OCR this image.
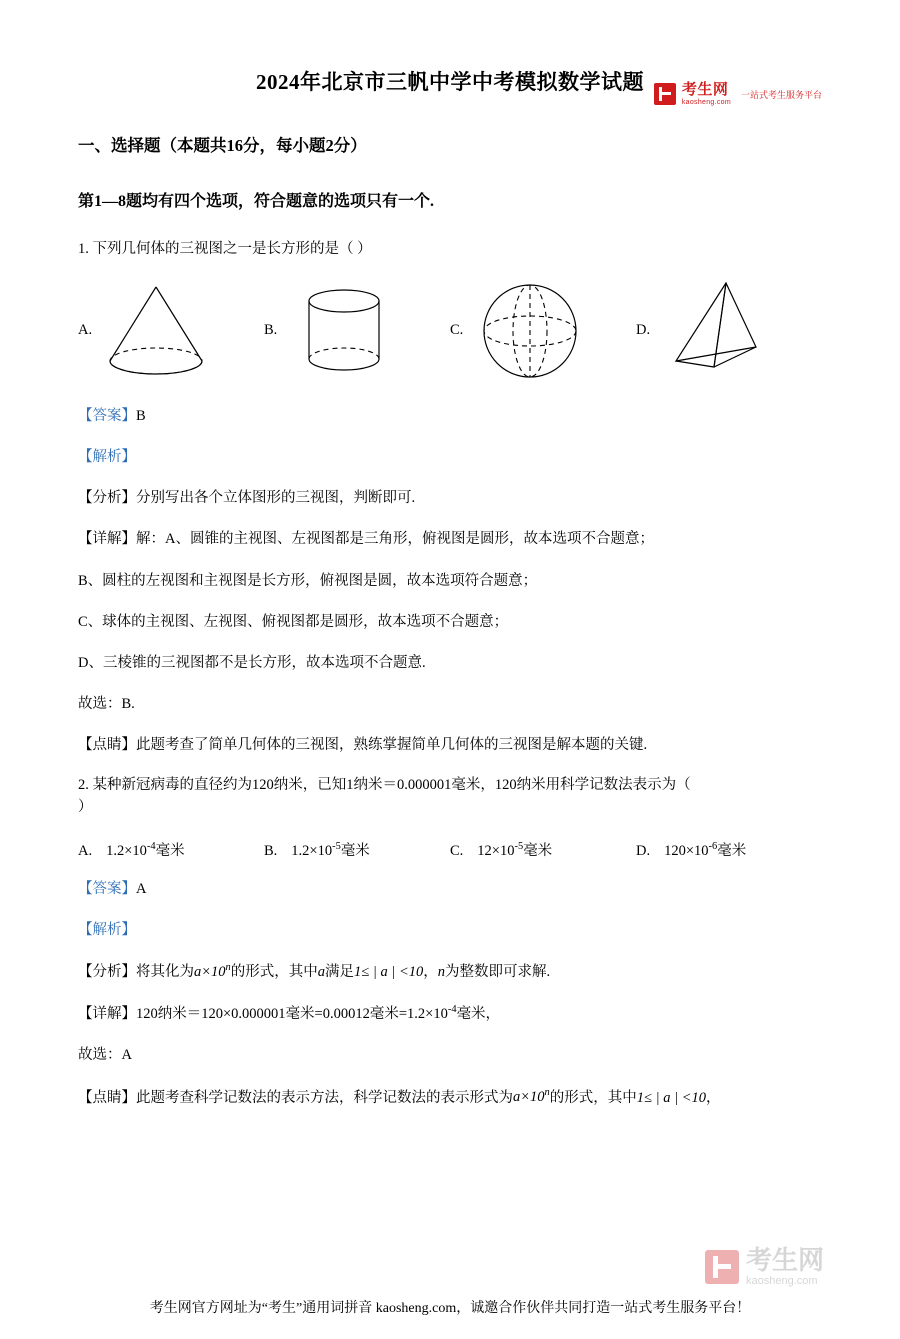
考生网
kaosheng.com
一站式考生服务平台
2024年北京市三帆中学中考模拟数学试题
一、选择题（本题共16分，每小题2分）
第1—8题均有四个选项，符合题意的选项只有一个.
1. 下列几何体的三视图之一是长方形的是（ ）
A.	B.	C.	D.
【答案】B
【解析】
【分析】分别写出各个立体图形的三视图，判断即可.
【详解】解：A、圆锥的主视图、左视图都是三角形，俯视图是圆形，故本选项不合题意；
B、圆柱的左视图和主视图是长方形，俯视图是圆，故本选项符合题意；
C、球体的主视图、左视图、俯视图都是圆形，故本选项不合题意；
D、三棱锥的三视图都不是长方形，故本选项不合题意.
故选：B.
【点睛】此题考查了简单几何体的三视图，熟练掌握简单几何体的三视图是解本题的关键.
2. 某种新冠病毒的直径约为120纳米，已知1纳米＝0.000001毫米，120纳米用科学记数法表示为（
）
A. $1.2\times 10^{-4}$ 毫米	B. $1.2\times 10^{-5}$ 毫米	C. $12\times 10^{-5}$ 毫米	D. $120\times 10^{-6}$ 毫米
【答案】A
【解析】
【分析】将其化为$a\times 10^n$的形式，其中a满足1≤ | a | <10，n为整数即可求解.
【详解】120纳米＝120×0.000001毫米=0.00012毫米$=1.2\times 10^{-4}$毫米，
故选：A
【点睛】此题考查科学记数法的表示方法，科学记数法的表示形式为$a\times 10^n$的形式，其中1≤ | a | <10，
考生网
kaosheng.com
考生网官方网址为“考生”通用词拼音 kaosheng.com，诚邀合作伙伴共同打造一站式考生服务平台！
